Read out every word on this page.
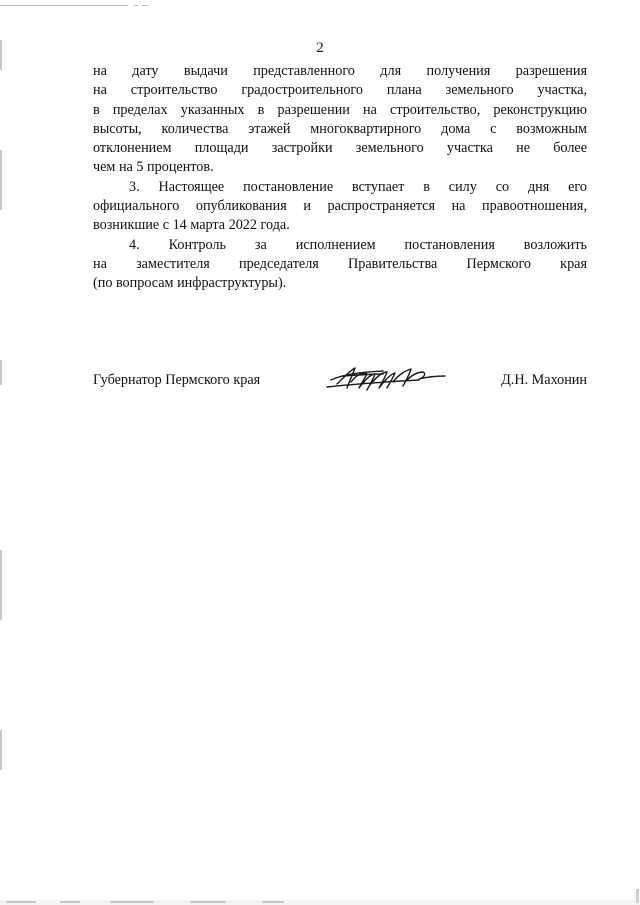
2
на дату выдачи представленного для получения разрешения
на строительство градостроительного плана земельного участка,
в пределах указанных в разрешении на строительство, реконструкцию
высоты, количества этажей многоквартирного дома с возможным
отклонением площади застройки земельного участка не более
чем на 5 процентов.
3. Настоящее постановление вступает в силу со дня его
официального опубликования и распространяется на правоотношения,
возникшие с 14 марта 2022 года.
4. Контроль за исполнением постановления возложить
на заместителя председателя Правительства Пермского края
(по вопросам инфраструктуры).
Губернатор Пермского края	Д.Н. Махонин
